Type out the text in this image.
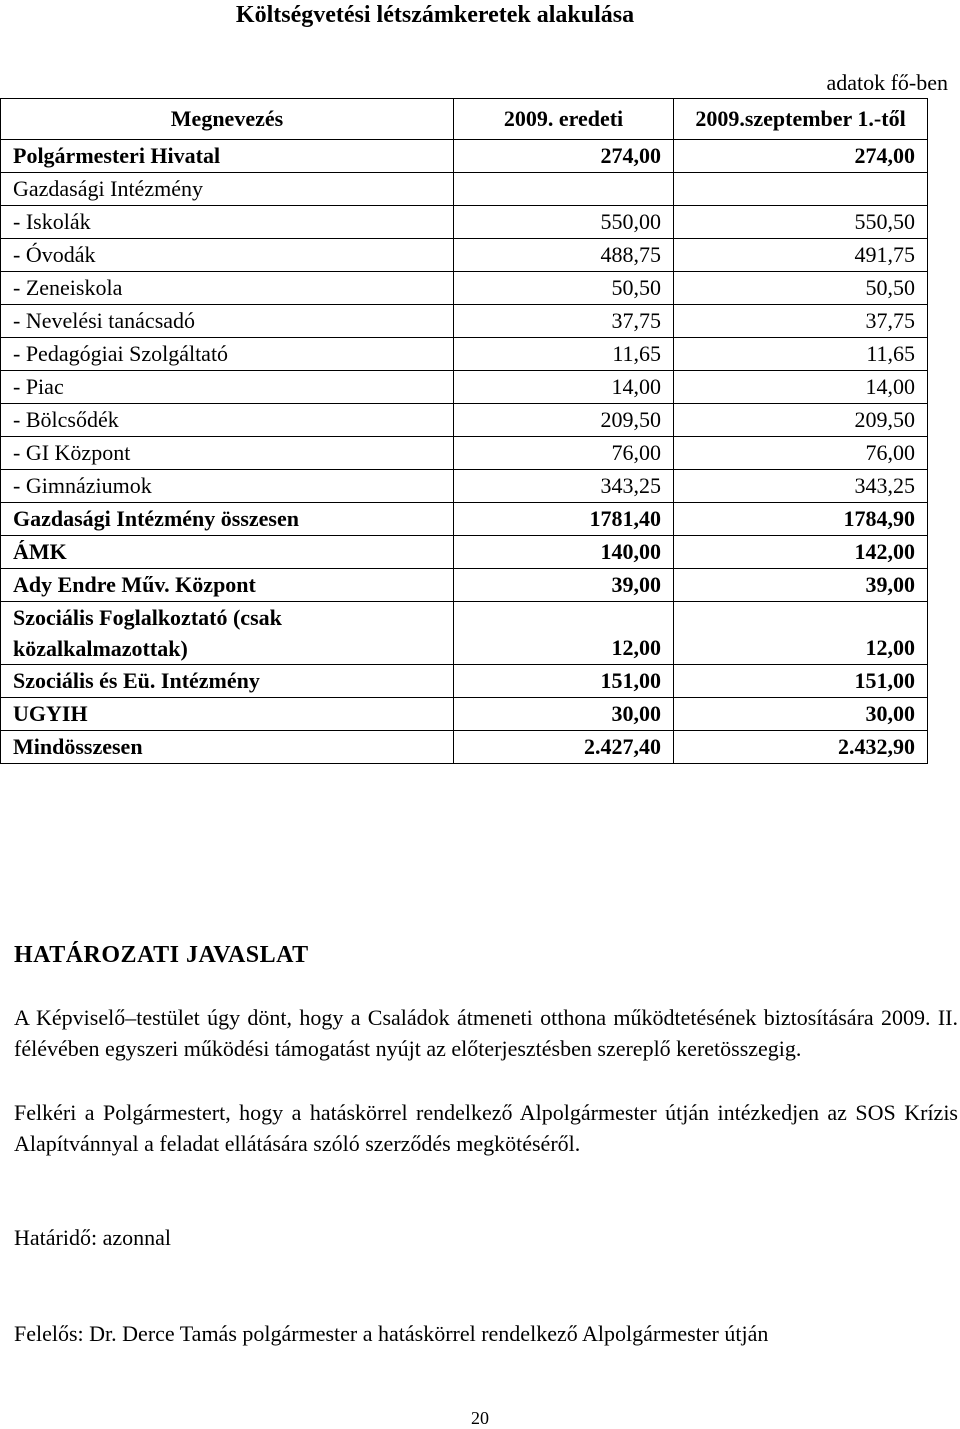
Költségvetési létszámkeretek alakulása
adatok fő-ben
Megnevezés	2009. eredeti	2009.szeptember 1.-től
Polgármesteri Hivatal	274,00	274,00
Gazdasági Intézmény		
- Iskolák	550,00	550,50
- Óvodák	488,75	491,75
- Zeneiskola	50,50	50,50
- Nevelési tanácsadó	37,75	37,75
- Pedagógiai Szolgáltató	11,65	11,65
- Piac	14,00	14,00
- Bölcsődék	209,50	209,50
- GI Központ	76,00	76,00
- Gimnáziumok	343,25	343,25
Gazdasági Intézmény összesen	1781,40	1784,90
ÁMK	140,00	142,00
Ady Endre Műv. Központ	39,00	39,00
Szociális Foglalkoztató (csak közalkalmazottak)	12,00	12,00
Szociális és Eü. Intézmény	151,00	151,00
UGYIH	30,00	30,00
Mindösszesen	2.427,40	2.432,90
HATÁROZATI JAVASLAT
A Képviselő–testület úgy dönt, hogy a Családok átmeneti otthona működtetésének biztosítására 2009. II. félévében egyszeri működési támogatást nyújt az előterjesztésben szereplő keretösszegig.
Felkéri a Polgármestert, hogy a hatáskörrel rendelkező Alpolgármester útján intézkedjen az SOS Krízis Alapítvánnyal a feladat ellátására szóló szerződés megkötéséről.
Határidő: azonnal
Felelős: Dr. Derce Tamás polgármester a hatáskörrel rendelkező Alpolgármester útján
20
